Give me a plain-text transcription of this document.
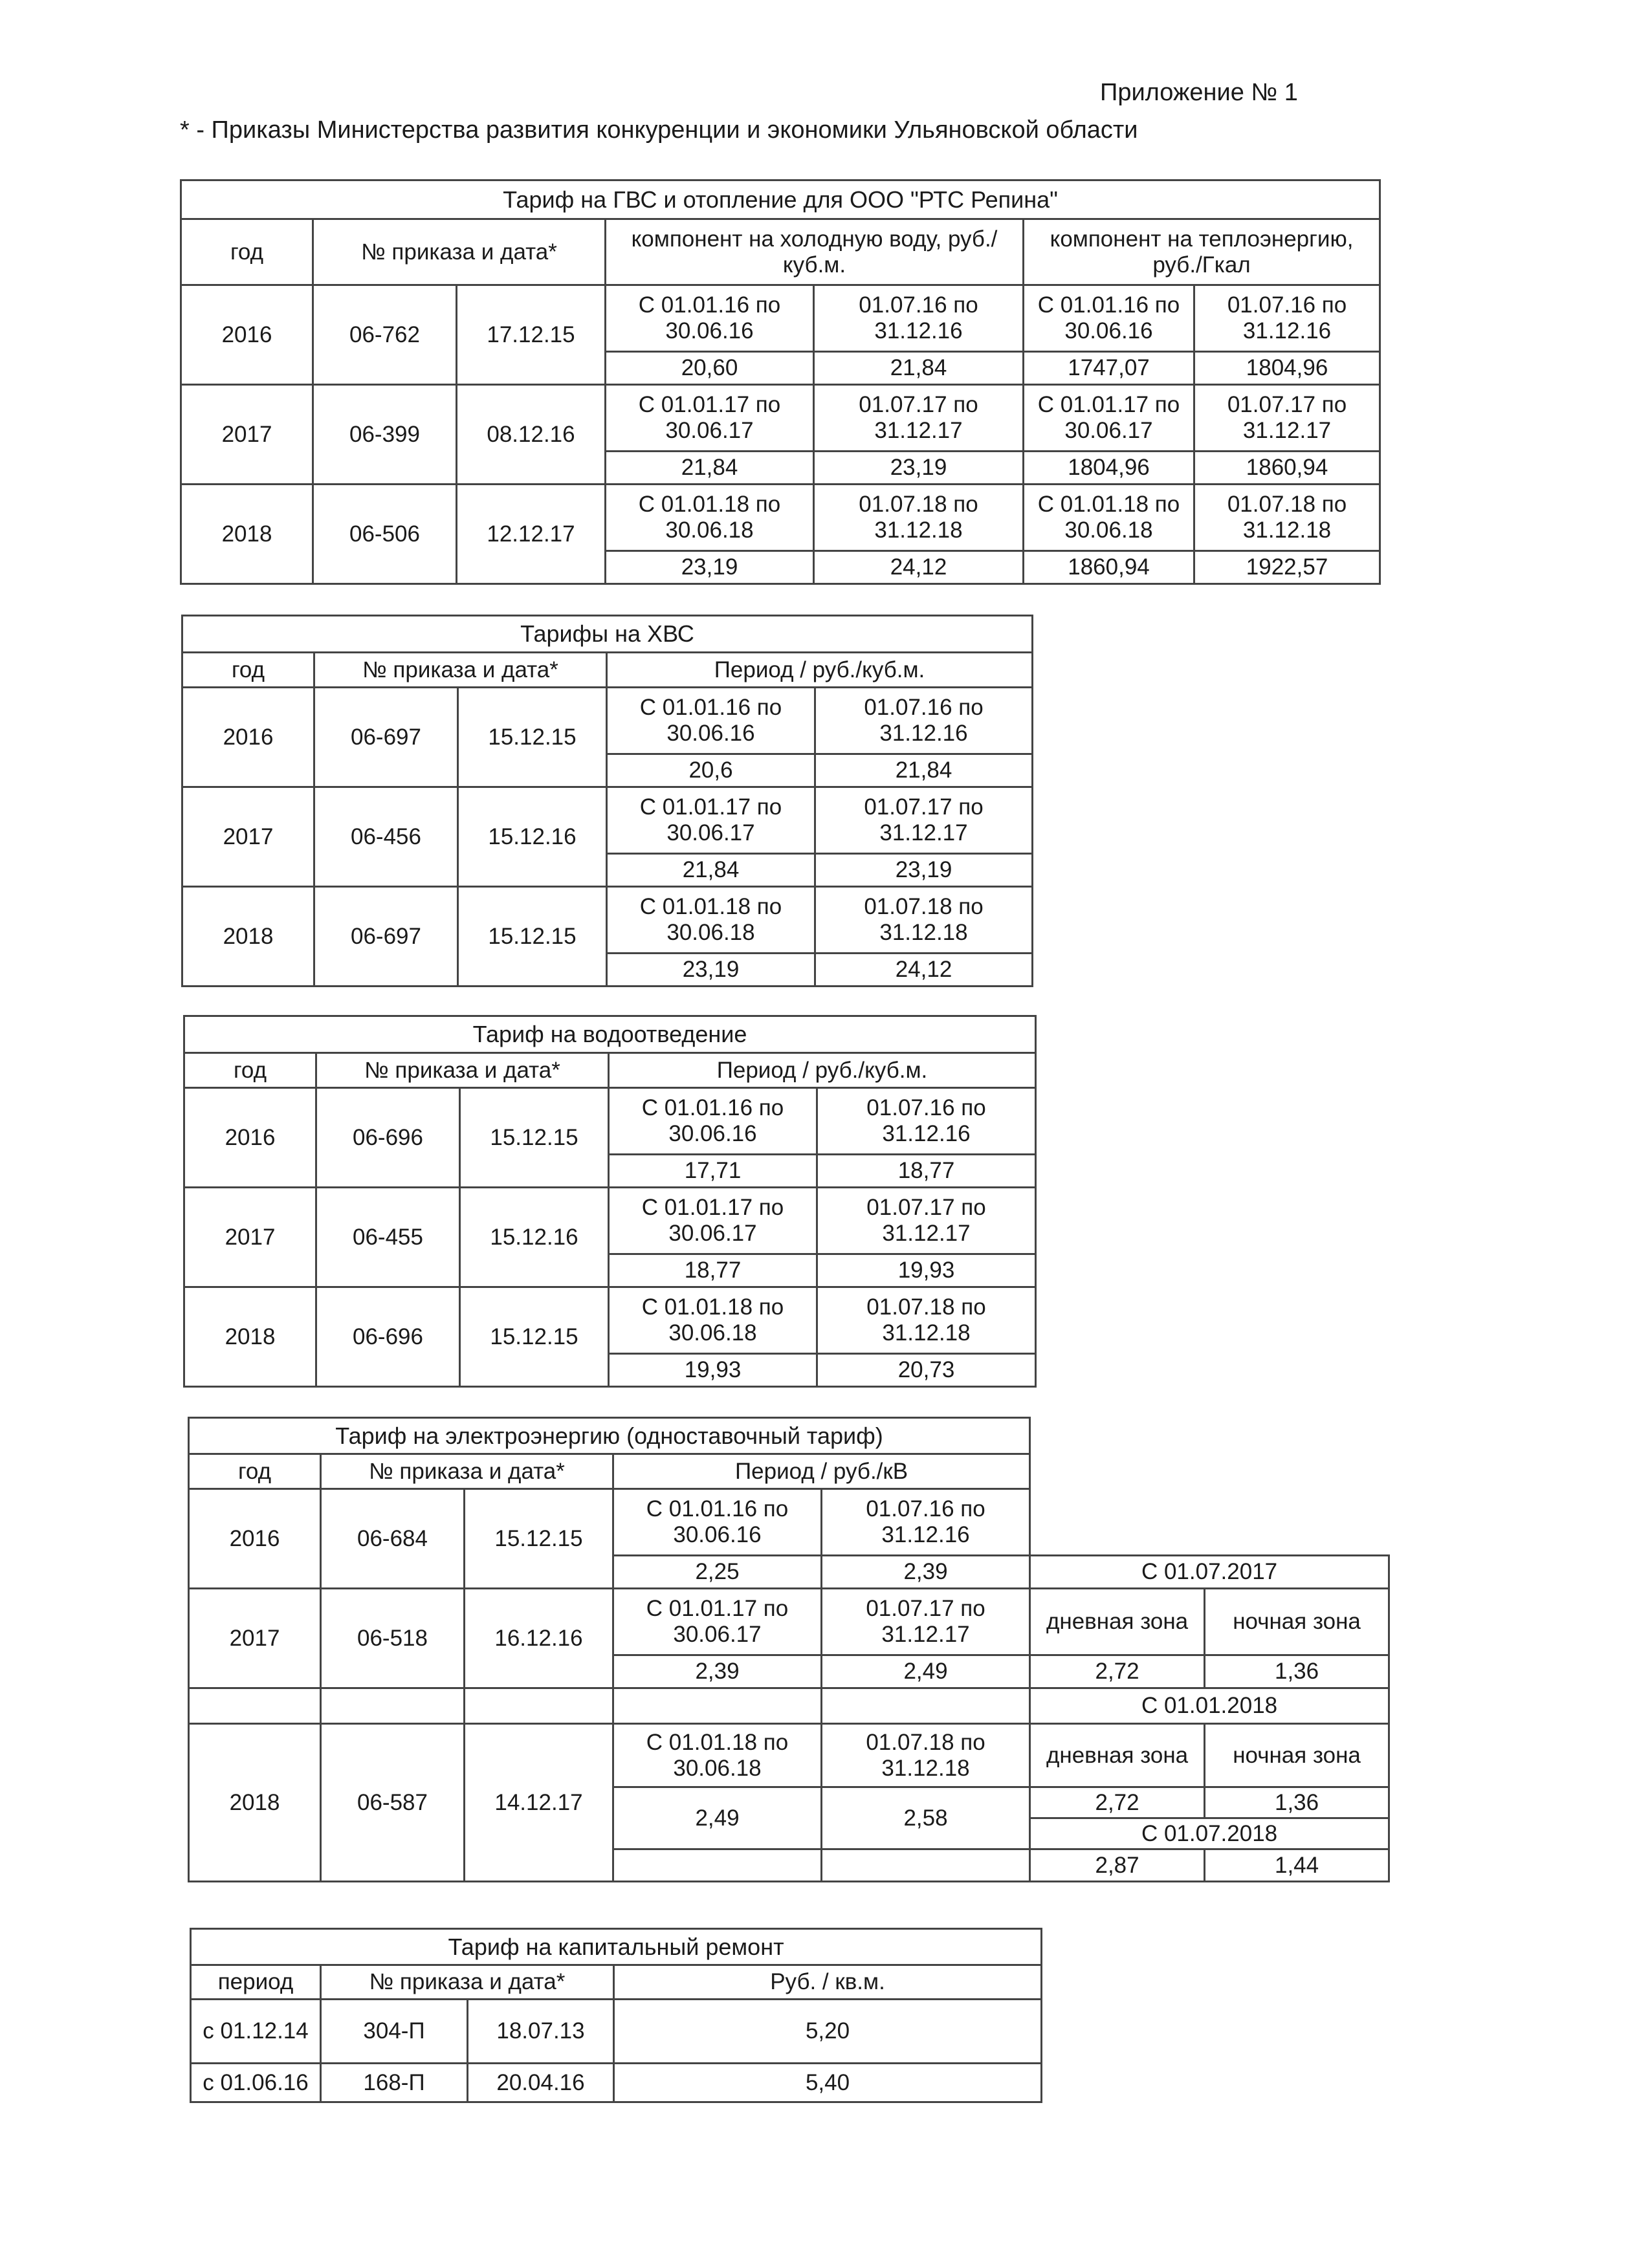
Приложение № 1
* - Приказы Министерства развития конкуренции и экономики Ульяновской области
Тариф на ГВС и отопление для ООО "РТС Репина"						
год	№ приказа и дата*		компонент на холодную воду, руб./куб.м.		компонент на теплоэнергию, руб./Гкал	
2016	06-762	17.12.15	С 01.01.16 по 30.06.16	01.07.16 по 31.12.16	С 01.01.16 по 30.06.16	01.07.16 по 31.12.16
			20,60	21,84	1747,07	1804,96
2017	06-399	08.12.16	С 01.01.17 по 30.06.17	01.07.17 по 31.12.17	С 01.01.17 по 30.06.17	01.07.17 по 31.12.17
			21,84	23,19	1804,96	1860,94
2018	06-506	12.12.17	С 01.01.18 по 30.06.18	01.07.18 по 31.12.18	С 01.01.18 по 30.06.18	01.07.18 по 31.12.18
			23,19	24,12	1860,94	1922,57
Тарифы на ХВС				
год	№ приказа и дата*		Период / руб./куб.м.	
2016	06-697	15.12.15	С 01.01.16 по 30.06.16	01.07.16 по 31.12.16
			20,6	21,84
2017	06-456	15.12.16	С 01.01.17 по 30.06.17	01.07.17 по 31.12.17
			21,84	23,19
2018	06-697	15.12.15	С 01.01.18 по 30.06.18	01.07.18 по 31.12.18
			23,19	24,12
Тариф на водоотведение				
год	№ приказа и дата*		Период / руб./куб.м.	
2016	06-696	15.12.15	С 01.01.16 по 30.06.16	01.07.16 по 31.12.16
			17,71	18,77
2017	06-455	15.12.16	С 01.01.17 по 30.06.17	01.07.17 по 31.12.17
			18,77	19,93
2018	06-696	15.12.15	С 01.01.18 по 30.06.18	01.07.18 по 31.12.18
			19,93	20,73
Тариф на электроэнергию (одноставочный тариф)						
год	№ приказа и дата*		Период / руб./кВ			
2016	06-684	15.12.15	С 01.01.16 по 30.06.16	01.07.16 по 31.12.16		
			2,25	2,39	С 01.07.2017	
2017	06-518	16.12.16	С 01.01.17 по 30.06.17	01.07.17 по 31.12.17	дневная зона	ночная зона
			2,39	2,49	2,72	1,36
					С 01.01.2018	
2018	06-587	14.12.17	С 01.01.18 по 30.06.18	01.07.18 по 31.12.18	дневная зона	ночная зона
			2,49	2,58	2,72	1,36
					С 01.07.2018	
					2,87	1,44
Тариф на капитальный ремонт			
период	№ приказа и дата*		Руб. / кв.м.
с 01.12.14	304-П	18.07.13	5,20
с 01.06.16	168-П	20.04.16	5,40
